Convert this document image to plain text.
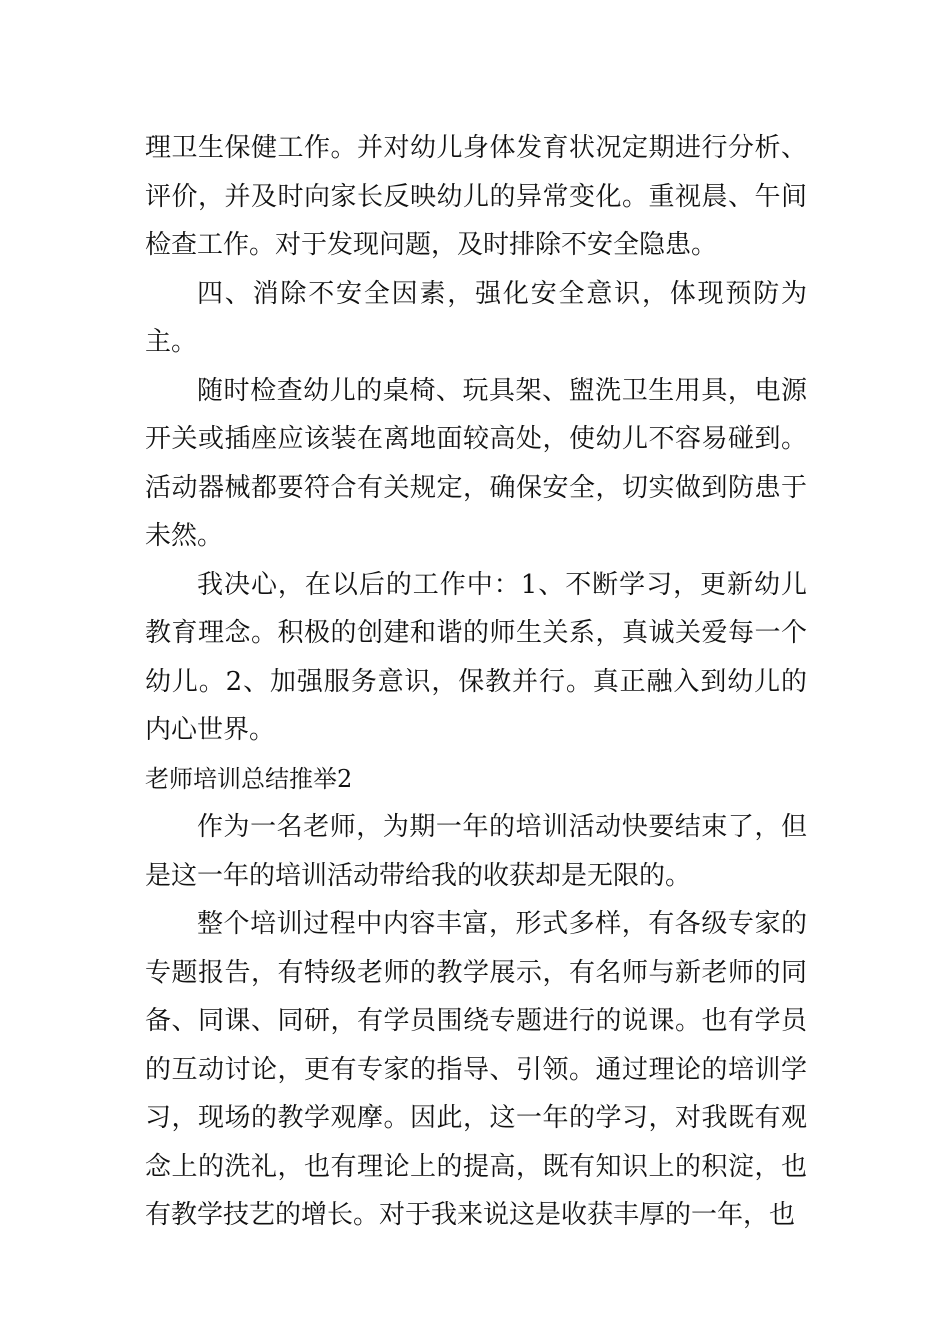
理卫生保健工作。并对幼儿身体发育状况定期进行分析、评价，并及时向家长反映幼儿的异常变化。重视晨、午间检查工作。对于发现问题，及时排除不安全隐患。

四、消除不安全因素，强化安全意识，体现预防为主。

随时检查幼儿的桌椅、玩具架、盥洗卫生用具，电源开关或插座应该装在离地面较高处，使幼儿不容易碰到。活动器械都要符合有关规定，确保安全，切实做到防患于未然。

我决心，在以后的工作中：1、不断学习，更新幼儿教育理念。积极的创建和谐的师生关系，真诚关爱每一个幼儿。2、加强服务意识，保教并行。真正融入到幼儿的内心世界。

老师培训总结推举2

作为一名老师，为期一年的培训活动快要结束了，但是这一年的培训活动带给我的收获却是无限的。

整个培训过程中内容丰富，形式多样，有各级专家的专题报告，有特级老师的教学展示，有名师与新老师的同备、同课、同研，有学员围绕专题进行的说课。也有学员的互动讨论，更有专家的指导、引领。通过理论的培训学习，现场的教学观摩。因此，这一年的学习，对我既有观念上的洗礼，也有理论上的提高，既有知识上的积淀，也有教学技艺的增长。对于我来说这是收获丰厚的一年，也
